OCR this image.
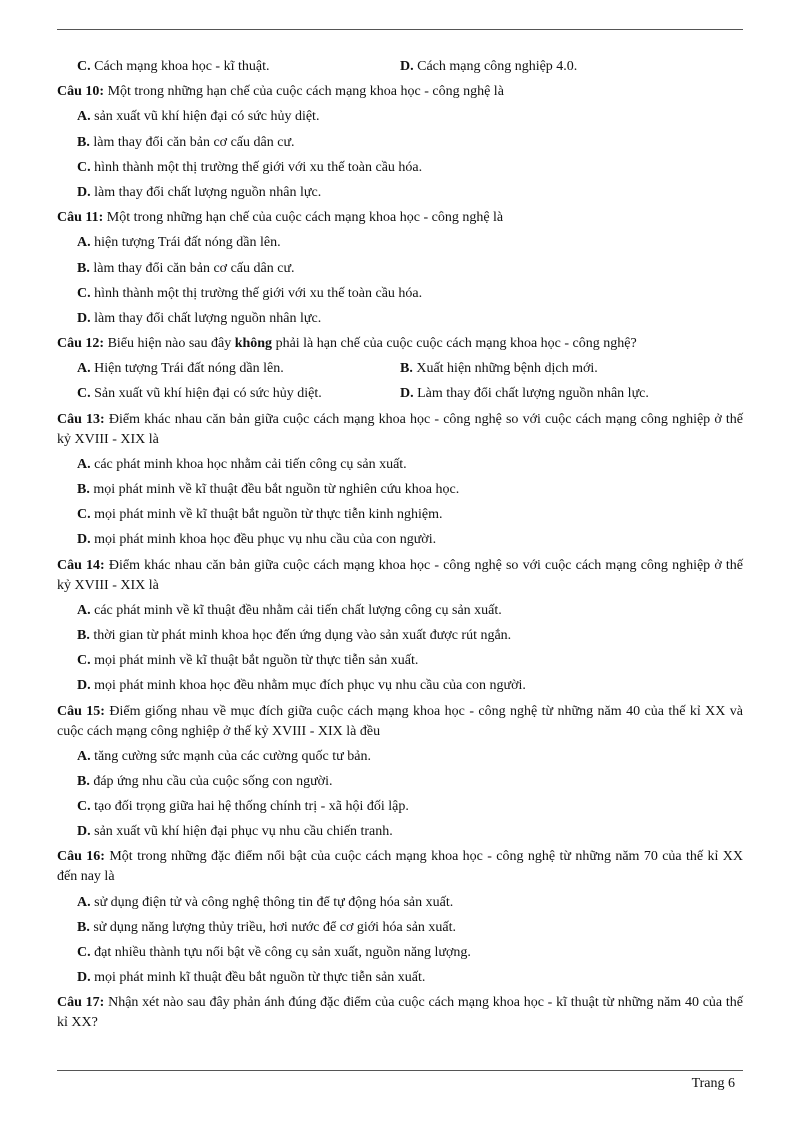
C. Cách mạng khoa học - kĩ thuật.	D. Cách mạng công nghiệp 4.0.

Câu 10: Một trong những hạn chế của cuộc cách mạng khoa học - công nghệ là

A. sản xuất vũ khí hiện đại có sức hủy diệt.
B. làm thay đổi căn bản cơ cấu dân cư.
C. hình thành một thị trường thế giới với xu thế toàn cầu hóa.
D. làm thay đổi chất lượng nguồn nhân lực.

Câu 11: Một trong những hạn chế của cuộc cách mạng khoa học - công nghệ là

A. hiện tượng Trái đất nóng dần lên.
B. làm thay đổi căn bản cơ cấu dân cư.
C. hình thành một thị trường thế giới với xu thế toàn cầu hóa.
D. làm thay đổi chất lượng nguồn nhân lực.

Câu 12: Biểu hiện nào sau đây không phải là hạn chế của cuộc cuộc cách mạng khoa học - công nghệ?

A. Hiện tượng Trái đất nóng dần lên.	B. Xuất hiện những bệnh dịch mới.
C. Sản xuất vũ khí hiện đại có sức hủy diệt.	D. Làm thay đổi chất lượng nguồn nhân lực.

Câu 13: Điểm khác nhau căn bản giữa cuộc cách mạng khoa học - công nghệ so với cuộc cách mạng công nghiệp ở thế kỷ XVIII - XIX là

A. các phát minh khoa học nhằm cải tiến công cụ sản xuất.
B. mọi phát minh về kĩ thuật đều bắt nguồn từ nghiên cứu khoa học.
C. mọi phát minh về kĩ thuật bắt nguồn từ thực tiễn kinh nghiệm.
D. mọi phát minh khoa học đều phục vụ nhu cầu của con người.

Câu 14: Điểm khác nhau căn bản giữa cuộc cách mạng khoa học - công nghệ so với cuộc cách mạng công nghiệp ở thế kỷ XVIII - XIX là

A. các phát minh về kĩ thuật đều nhằm cải tiến chất lượng công cụ sản xuất.
B. thời gian từ phát minh khoa học đến ứng dụng vào sản xuất được rút ngắn.
C. mọi phát minh về kĩ thuật bắt nguồn từ thực tiễn sản xuất.
D. mọi phát minh khoa học đều nhằm mục đích phục vụ nhu cầu của con người.

Câu 15: Điểm giống nhau về mục đích giữa cuộc cách mạng khoa học - công nghệ từ những năm 40 của thế kỉ XX và cuộc cách mạng công nghiệp ở thế kỷ XVIII - XIX là đều

A. tăng cường sức mạnh của các cường quốc tư bản.
B. đáp ứng nhu cầu của cuộc sống con người.
C. tạo đối trọng giữa hai hệ thống chính trị - xã hội đối lập.
D. sản xuất vũ khí hiện đại phục vụ nhu cầu chiến tranh.

Câu 16: Một trong những đặc điểm nổi bật của cuộc cách mạng khoa học - công nghệ từ những năm 70 của thế kỉ XX đến nay là

A. sử dụng điện tử và công nghệ thông tin để tự động hóa sản xuất.
B. sử dụng năng lượng thủy triều, hơi nước để cơ giới hóa sản xuất.
C. đạt nhiều thành tựu nổi bật về công cụ sản xuất, nguồn năng lượng.
D. mọi phát minh kĩ thuật đều bắt nguồn từ thực tiễn sản xuất.

Câu 17: Nhận xét nào sau đây phản ánh đúng đặc điểm của cuộc cách mạng khoa học - kĩ thuật từ những năm 40 của thế kỉ XX?

Trang 6
